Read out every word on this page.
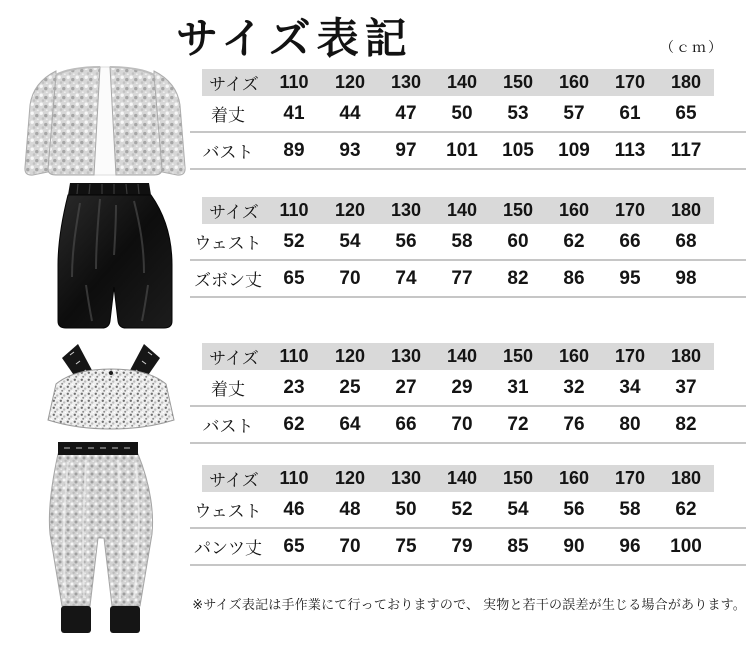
サイズ表記	（ｃｍ）
サイズ	110	120	130	140	150	160	170	180
着丈	41	44	47	50	53	57	61	65
バスト	89	93	97	101	105	109	113	117
サイズ	110	120	130	140	150	160	170	180
ウェスト	52	54	56	58	60	62	66	68
ズボン丈	65	70	74	77	82	86	95	98
サイズ	110	120	130	140	150	160	170	180
着丈	23	25	27	29	31	32	34	37
バスト	62	64	66	70	72	76	80	82
サイズ	110	120	130	140	150	160	170	180
ウェスト	46	48	50	52	54	56	58	62
パンツ丈	65	70	75	79	85	90	96	100
※サイズ表記は手作業にて行っておりますので、 実物と若干の誤差が生じる場合があります。
